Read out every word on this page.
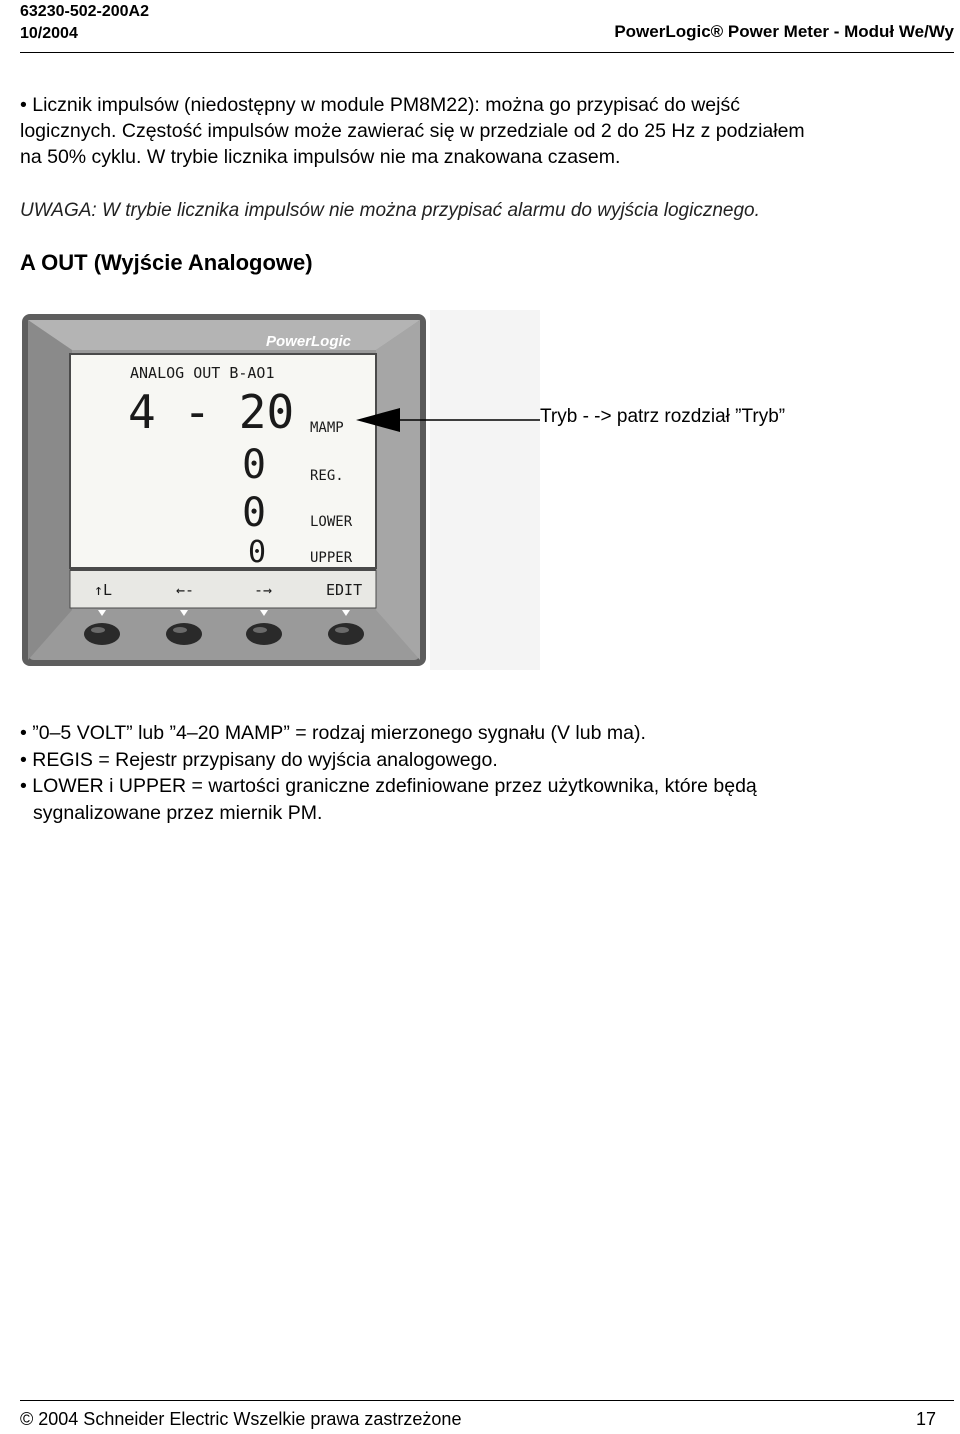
63230-502-200A2
10/2004	PowerLogic® Power Meter - Moduł We/Wy
• Licznik impulsów (niedostępny w module PM8M22): można go przypisać do wejść
logicznych. Częstość impulsów może zawierać się w przedziale od 2 do 25 Hz z podziałem
na 50% cyklu. W trybie licznika impulsów nie ma znakowana czasem.
UWAGA: W trybie licznika impulsów nie można przypisać alarmu do wyjścia logicznego.
A OUT (Wyjście Analogowe)
PowerLogic
ANALOG OUT B-AO1
4 - 20
0
0
0
MAMP
REG.
LOWER
UPPER
↑L	←-	-→	EDIT
Tryb - -> patrz rozdział ”Tryb”
• ”0–5 VOLT” lub ”4–20 MAMP” = rodzaj mierzonego sygnału (V lub ma).
• REGIS = Rejestr przypisany do wyjścia analogowego.
• LOWER i UPPER = wartości graniczne zdefiniowane przez użytkownika, które będą
sygnalizowane przez miernik PM.
© 2004 Schneider Electric Wszelkie prawa zastrzeżone	17
